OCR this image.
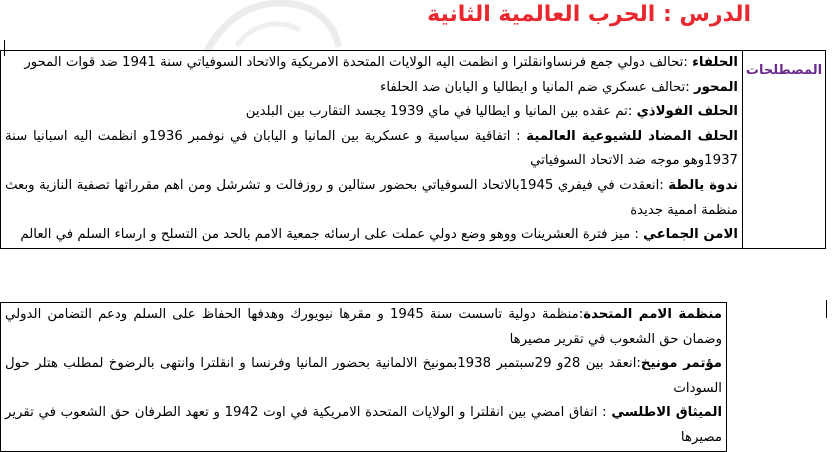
الدرس : الحرب العالمية الثانية
المصطلحات	

الحلفاء :تحالف دولي جمع فرنساوانقلترا و انظمت اليه الولايات المتحدة الامريكية والاتحاد السوفياتي سنة 1941 ضد قوات المحور

المحور :تحالف عسكري ضم المانيا و ايطاليا و اليابان ضد الحلفاء

الحلف الفولاذي :تم عقده بين المانيا و ايطاليا في ماي 1939 يجسد التقارب بين البلدين

الحلف المضاد للشيوعية العالمية : اتفاقية سياسية و عسكرية بين المانيا و اليابان في نوفمبر 1936و انظمت اليه اسبانيا سنة 1937وهو موجه ضد الاتحاد السوفياتي

ندوة يالطة :انعقدت في فيفري 1945بالاتحاد السوفياتي بحضور ستالين و روزفالت و تشرشل ومن اهم مقرراتها تصفية النازية وبعث منظمة اممية جديدة

الامن الجماعي : ميز فترة العشرينات ووهو وضع دولي عملت على ارسائه جمعية الامم بالحد من التسلح و ارساء السلم في العالم

منظمة الامم المتحدة:منظمة دولية تاسست سنة 1945 و مقرها نيويورك وهدفها الحفاظ على السلم ودعم التضامن الدولي وضمان حق الشعوب في تقرير مصيرها

مؤتمر مونيخ:انعقد بين 28و 29سبتمبر 1938بمونيخ الالمانية بحضور المانيا وفرنسا و انقلترا وانتهى بالرضوخ لمطلب هتلر حول السودات

الميثاق الاطلسي : اتفاق امضي بين انقلترا و الولايات المتحدة الامريكية في اوت 1942 و تعهد الطرفان حق الشعوب في تقرير مصيرها
